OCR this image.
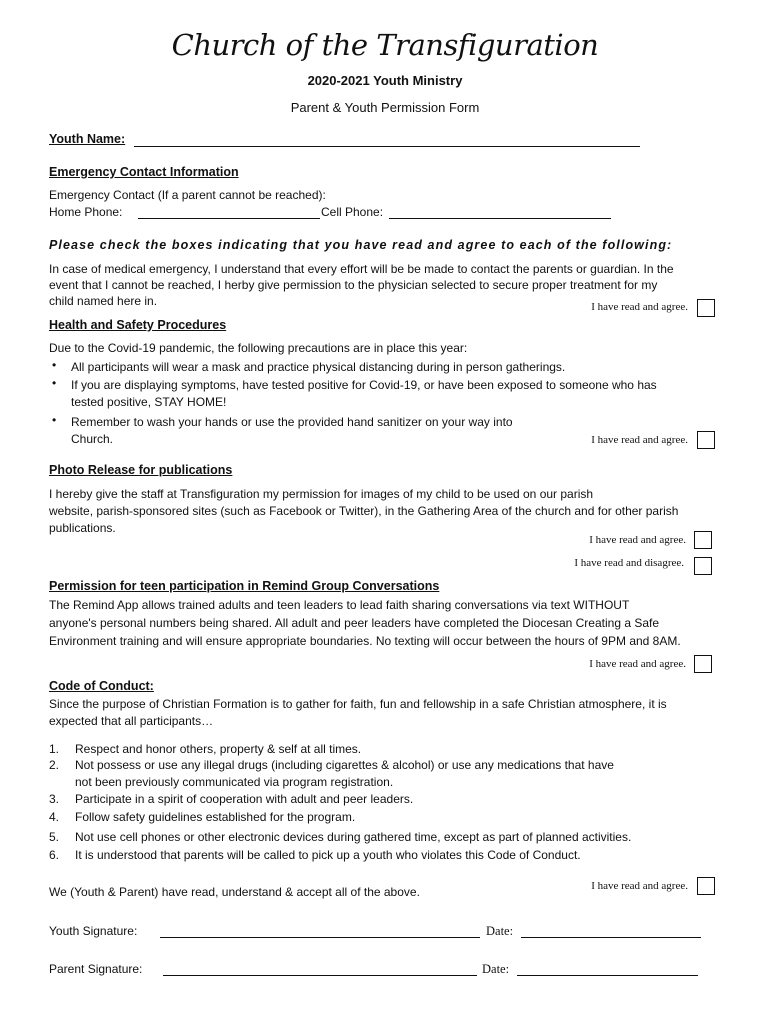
Church of the Transfiguration
2020-2021 Youth Ministry
Parent & Youth Permission Form
Youth Name:
Emergency Contact Information
Emergency Contact (If a parent cannot be reached):
Home Phone:	Cell Phone:
Please check the boxes indicating that you have read and agree to each of the following:
In case of medical emergency, I understand that every effort will be be made to contact the parents or guardian. In the
event that I cannot be reached, I herby give permission to the physician selected to secure proper treatment for my
child named here in.	I have read and agree.
Health and Safety Procedures
Due to the Covid-19 pandemic, the following precautions are in place this year:
• All participants will wear a mask and practice physical distancing during in person gatherings.
• If you are displaying symptoms, have tested positive for Covid-19, or have been exposed to someone who has
tested positive, STAY HOME!
• Remember to wash your hands or use the provided hand sanitizer on your way into
Church.	I have read and agree.
Photo Release for publications
I hereby give the staff at Transfiguration my permission for images of my child to be used on our parish
website, parish-sponsored sites (such as Facebook or Twitter), in the Gathering Area of the church and for other parish
publications.
I have read and agree.
I have read and disagree.
Permission for teen participation in Remind Group Conversations
The Remind App allows trained adults and teen leaders to lead faith sharing conversations via text WITHOUT
anyone's personal numbers being shared. All adult and peer leaders have completed the Diocesan Creating a Safe
Environment training and will ensure appropriate boundaries. No texting will occur between the hours of 9PM and 8AM.
I have read and agree.
Code of Conduct:
Since the purpose of Christian Formation is to gather for faith, fun and fellowship in a safe Christian atmosphere, it is
expected that all participants…
1. Respect and honor others, property & self at all times.
2. Not possess or use any illegal drugs (including cigarettes & alcohol) or use any medications that have
not been previously communicated via program registration.
3. Participate in a spirit of cooperation with adult and peer leaders.
4. Follow safety guidelines established for the program.
5. Not use cell phones or other electronic devices during gathered time, except as part of planned activities.
6. It is understood that parents will be called to pick up a youth who violates this Code of Conduct.
We (Youth & Parent) have read, understand & accept all of the above.	I have read and agree.
Youth Signature:	Date:
Parent Signature:	Date:
